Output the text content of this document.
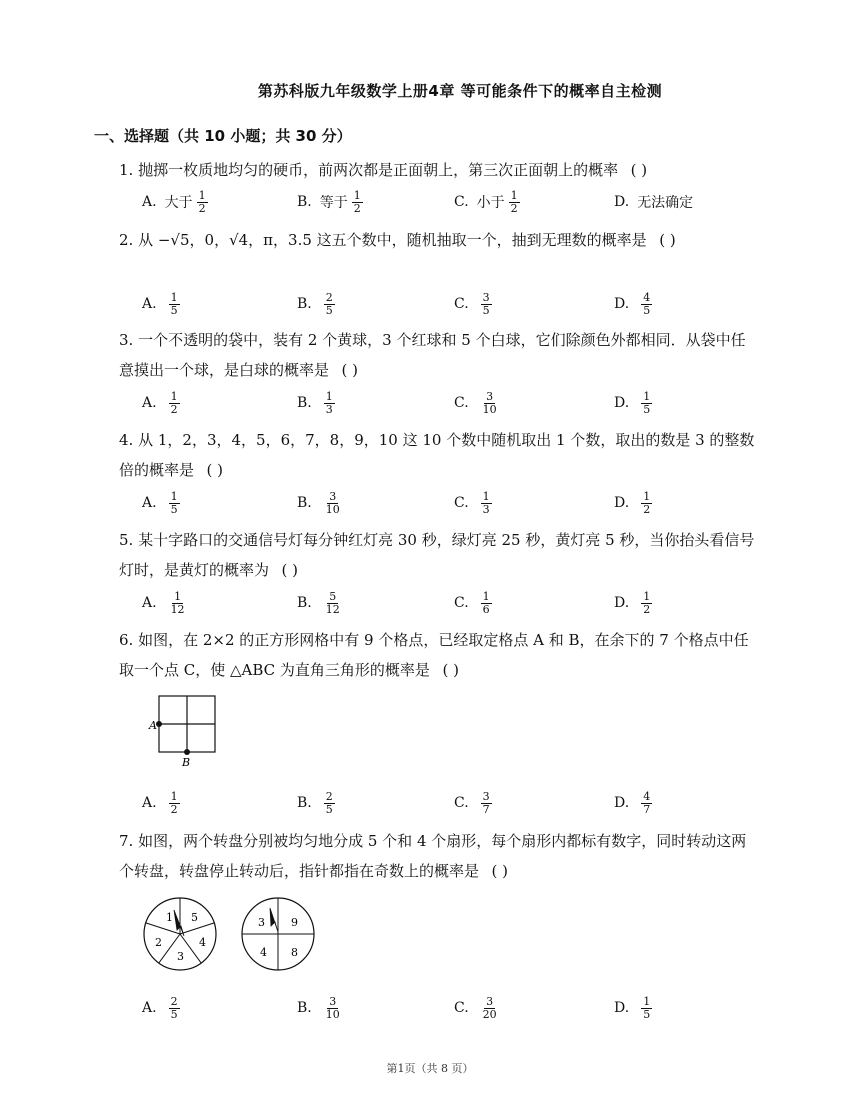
第苏科版九年级数学上册4章 等可能条件下的概率自主检测
一、选择题（共 10 小题；共 30 分）
1. 抛掷一枚质地均匀的硬币，前两次都是正面朝上，第三次正面朝上的概率 ( )
A. 大于 $\frac{1}{2}$	B. 等于 $\frac{1}{2}$	C. 小于 $\frac{1}{2}$	D. 无法确定
2. 从 −√5，0，√4，π，3.5 这五个数中，随机抽取一个，抽到无理数的概率是 ( )
A. $\frac{1}{5}$	B. $\frac{2}{5}$	C. $\frac{3}{5}$	D. $\frac{4}{5}$
3. 一个不透明的袋中，装有 2 个黄球，3 个红球和 5 个白球，它们除颜色外都相同．从袋中任意摸出一个球，是白球的概率是 ( )
A. $\frac{1}{2}$	B. $\frac{1}{3}$	C. $\frac{3}{10}$	D. $\frac{1}{5}$
4. 从 1，2，3，4，5，6，7，8，9，10 这 10 个数中随机取出 1 个数，取出的数是 3 的整数倍的概率是 ( )
A. $\frac{1}{5}$	B. $\frac{3}{10}$	C. $\frac{1}{3}$	D. $\frac{1}{2}$
5. 某十字路口的交通信号灯每分钟红灯亮 30 秒，绿灯亮 25 秒，黄灯亮 5 秒，当你抬头看信号灯时，是黄灯的概率为 ( )
A. $\frac{1}{12}$	B. $\frac{5}{12}$	C. $\frac{1}{6}$	D. $\frac{1}{2}$
6. 如图，在 2×2 的正方形网格中有 9 个格点，已经取定格点 A 和 B，在余下的 7 个格点中任取一个点 C，使 △ABC 为直角三角形的概率是 ( )
A
B
A. $\frac{1}{2}$	B. $\frac{2}{5}$	C. $\frac{3}{7}$	D. $\frac{4}{7}$
7. 如图，两个转盘分别被均匀地分成 5 个和 4 个扇形，每个扇形内都标有数字，同时转动这两个转盘，转盘停止转动后，指针都指在奇数上的概率是 ( )
1 5
4
3
2
3 9
8
4
A. $\frac{2}{5}$	B. $\frac{3}{10}$	C. $\frac{3}{20}$	D. $\frac{1}{5}$
第1页（共 8 页）
